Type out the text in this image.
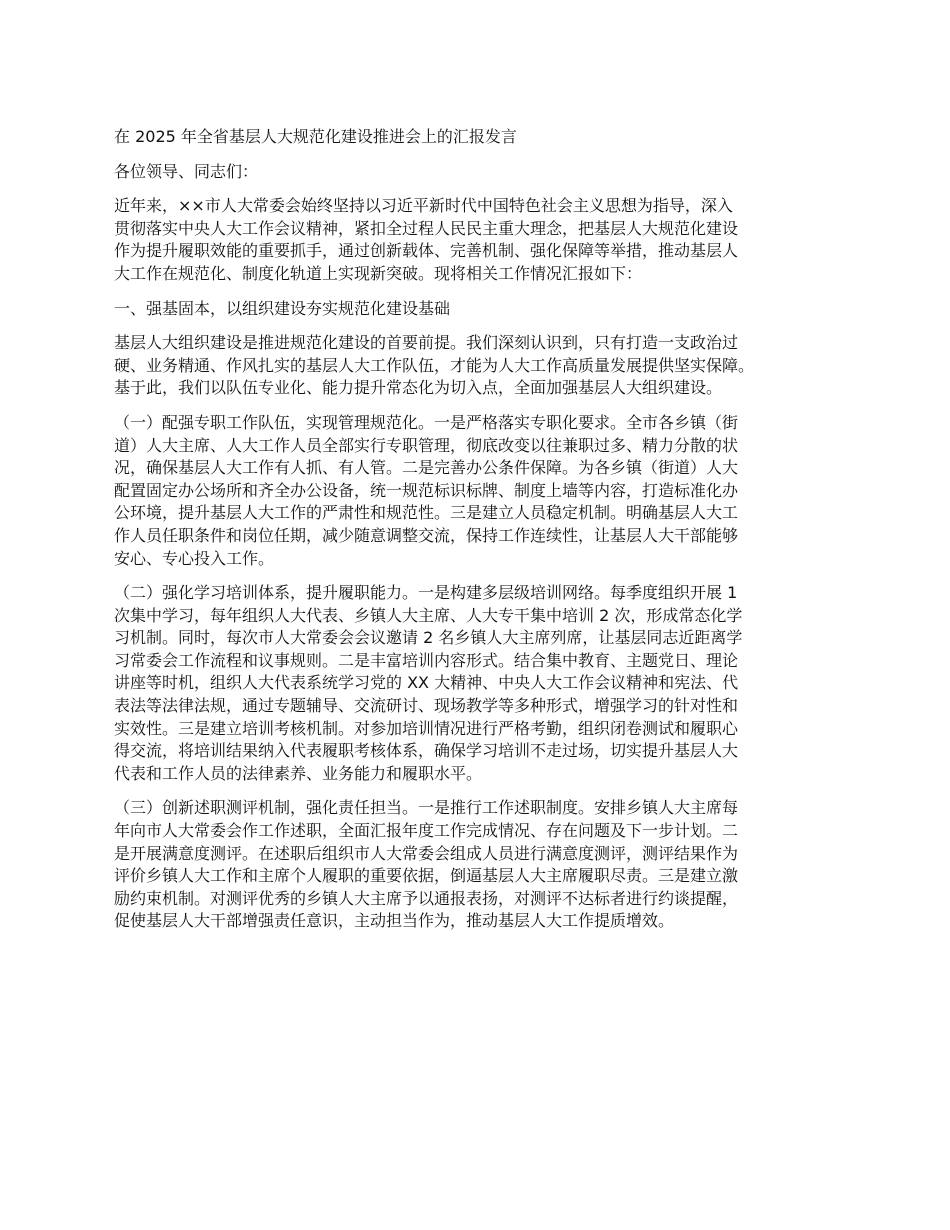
在 2025 年全省基层人大规范化建设推进会上的汇报发言
各位领导、同志们：
近年来，××市人大常委会始终坚持以习近平新时代中国特色社会主义思想为指导，深入
贯彻落实中央人大工作会议精神，紧扣全过程人民民主重大理念，把基层人大规范化建设
作为提升履职效能的重要抓手，通过创新载体、完善机制、强化保障等举措，推动基层人
大工作在规范化、制度化轨道上实现新突破。现将相关工作情况汇报如下：
一、强基固本，以组织建设夯实规范化建设基础
基层人大组织建设是推进规范化建设的首要前提。我们深刻认识到，只有打造一支政治过
硬、业务精通、作风扎实的基层人大工作队伍，才能为人大工作高质量发展提供坚实保障。
基于此，我们以队伍专业化、能力提升常态化为切入点，全面加强基层人大组织建设。
（一）配强专职工作队伍，实现管理规范化。一是严格落实专职化要求。全市各乡镇（街
道）人大主席、人大工作人员全部实行专职管理，彻底改变以往兼职过多、精力分散的状
况，确保基层人大工作有人抓、有人管。二是完善办公条件保障。为各乡镇（街道）人大
配置固定办公场所和齐全办公设备，统一规范标识标牌、制度上墙等内容，打造标准化办
公环境，提升基层人大工作的严肃性和规范性。三是建立人员稳定机制。明确基层人大工
作人员任职条件和岗位任期，减少随意调整交流，保持工作连续性，让基层人大干部能够
安心、专心投入工作。
（二）强化学习培训体系，提升履职能力。一是构建多层级培训网络。每季度组织开展 1
次集中学习，每年组织人大代表、乡镇人大主席、人大专干集中培训 2 次，形成常态化学
习机制。同时，每次市人大常委会会议邀请 2 名乡镇人大主席列席，让基层同志近距离学
习常委会工作流程和议事规则。二是丰富培训内容形式。结合集中教育、主题党日、理论
讲座等时机，组织人大代表系统学习党的 XX 大精神、中央人大工作会议精神和宪法、代
表法等法律法规，通过专题辅导、交流研讨、现场教学等多种形式，增强学习的针对性和
实效性。三是建立培训考核机制。对参加培训情况进行严格考勤，组织闭卷测试和履职心
得交流，将培训结果纳入代表履职考核体系，确保学习培训不走过场，切实提升基层人大
代表和工作人员的法律素养、业务能力和履职水平。
（三）创新述职测评机制，强化责任担当。一是推行工作述职制度。安排乡镇人大主席每
年向市人大常委会作工作述职，全面汇报年度工作完成情况、存在问题及下一步计划。二
是开展满意度测评。在述职后组织市人大常委会组成人员进行满意度测评，测评结果作为
评价乡镇人大工作和主席个人履职的重要依据，倒逼基层人大主席履职尽责。三是建立激
励约束机制。对测评优秀的乡镇人大主席予以通报表扬，对测评不达标者进行约谈提醒，
促使基层人大干部增强责任意识，主动担当作为，推动基层人大工作提质增效。
